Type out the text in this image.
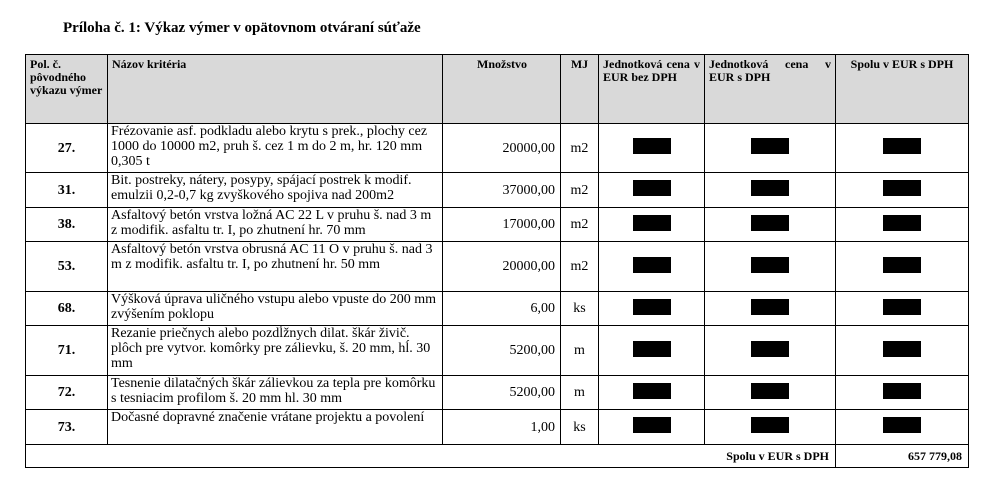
Príloha č. 1: Výkaz výmer v opätovnom otváraní súťaže
Pol. č. pôvodného výkazu výmer	Názov kritéria	Množstvo	MJ	Jednotková cena v EUR bez DPH	Jednotková cena v EUR s DPH	Spolu v EUR s DPH
27.	Frézovanie asf. podkladu alebo krytu s prek., plochy cez 1000 do 10000 m2, pruh š. cez 1 m do 2 m, hr. 120 mm 0,305 t	20000,00	m2			
31.	Bit. postreky, nátery, posypy, spájací postrek k modif. emulzii 0,2-0,7 kg zvyškového spojiva nad 200m2	37000,00	m2			
38.	Asfaltový betón vrstva ložná AC 22 L v pruhu š. nad 3 m z modifik. asfaltu tr. I, po zhutnení hr. 70 mm	17000,00	m2			
53.	Asfaltový betón vrstva obrusná AC 11 O v pruhu š. nad 3 m z modifik. asfaltu tr. I, po zhutnení hr. 50 mm	20000,00	m2			
68.	Výšková úprava uličného vstupu alebo vpuste do 200 mm zvýšením poklopu	6,00	ks			
71.	Rezanie priečnych alebo pozdĺžnych dilat. škár živič. plôch pre vytvor. komôrky pre zálievku, š. 20 mm, hĺ. 30 mm	5200,00	m			
72.	Tesnenie dilatačných škár zálievkou za tepla pre komôrku s tesniacim profilom š. 20 mm hl. 30 mm	5200,00	m			
73.	Dočasné dopravné značenie vrátane projektu a povolení	1,00	ks			
					Spolu v EUR s DPH	657 779,08
